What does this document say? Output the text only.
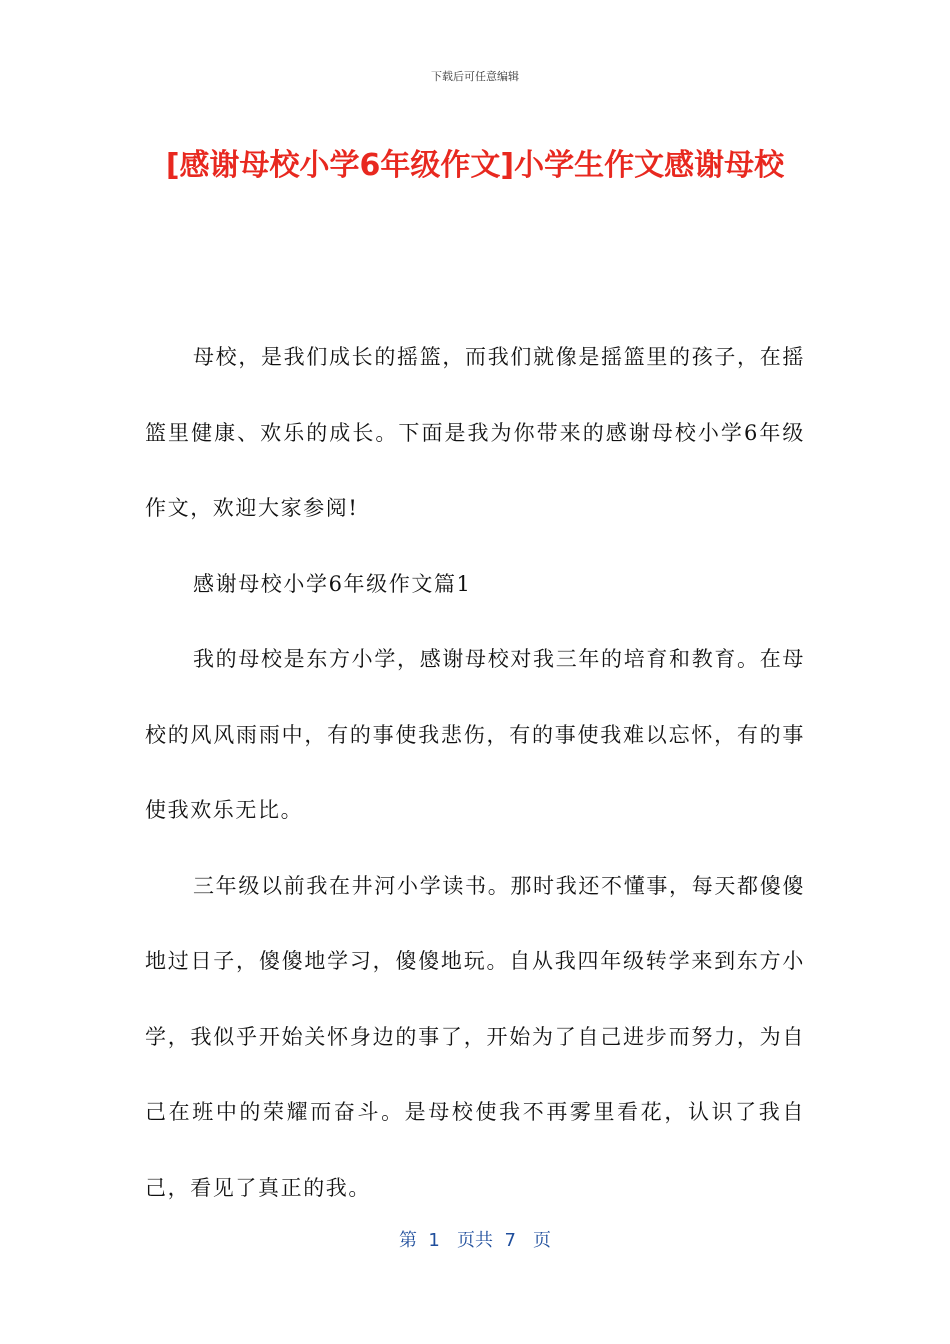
下载后可任意编辑
[感谢母校小学6年级作文]小学生作文感谢母校

母校，是我们成长的摇篮，而我们就像是摇篮里的孩子，在摇篮里健康、欢乐的成长。下面是我为你带来的感谢母校小学6年级作文，欢迎大家参阅!

感谢母校小学6年级作文篇1

我的母校是东方小学，感谢母校对我三年的培育和教育。在母校的风风雨雨中，有的事使我悲伤，有的事使我难以忘怀，有的事使我欢乐无比。

三年级以前我在井河小学读书。那时我还不懂事，每天都傻傻地过日子，傻傻地学习，傻傻地玩。自从我四年级转学来到东方小学，我似乎开始关怀身边的事了，开始为了自己进步而努力，为自己在班中的荣耀而奋斗。是母校使我不再雾里看花，认识了我自己，看见了真正的我。

第  1   页共  7   页
